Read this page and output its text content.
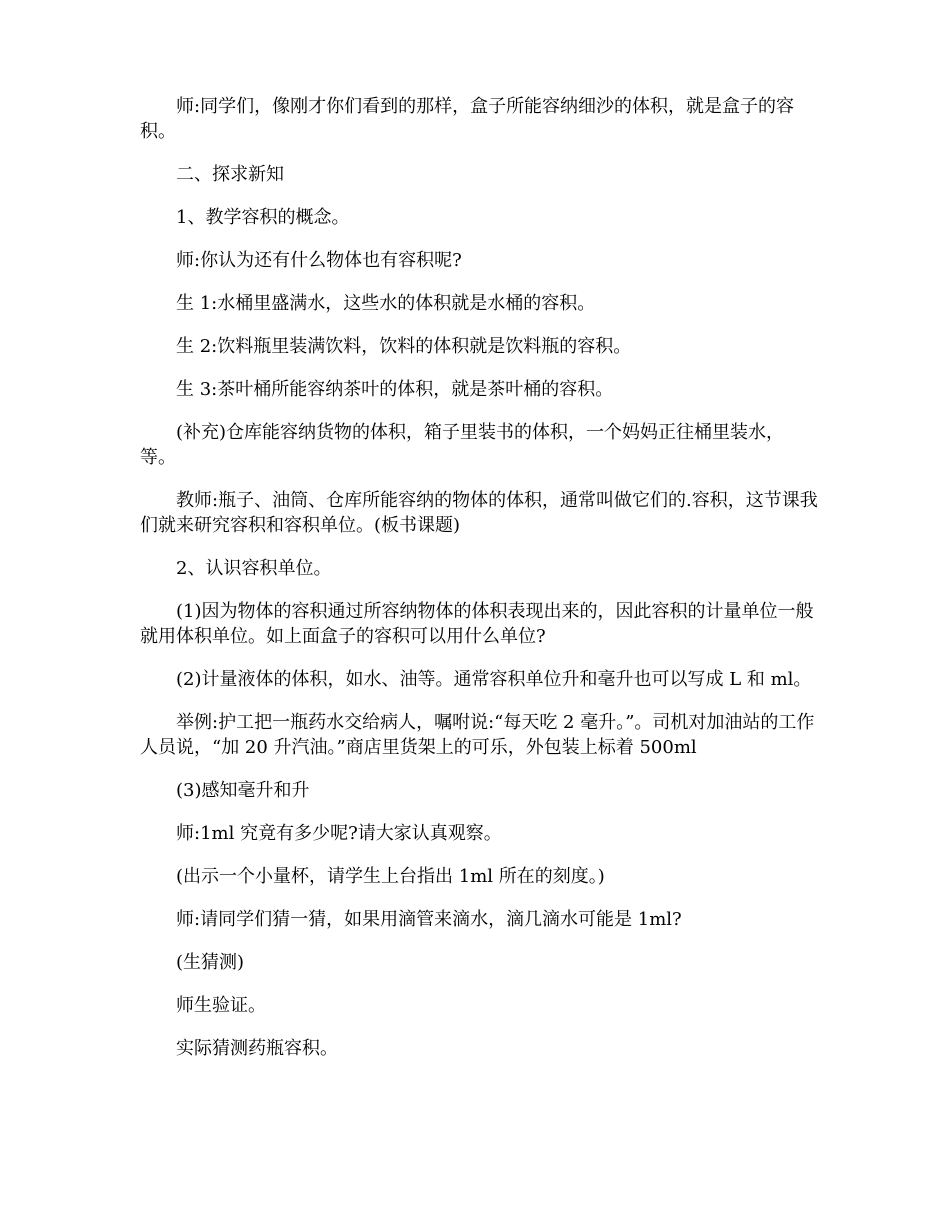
师:同学们，像刚才你们看到的那样，盒子所能容纳细沙的体积，就是盒子的容积。

二、探求新知

1、教学容积的概念。

师:你认为还有什么物体也有容积呢?

生 1:水桶里盛满水，这些水的体积就是水桶的容积。

生 2:饮料瓶里装满饮料，饮料的体积就是饮料瓶的容积。

生 3:茶叶桶所能容纳茶叶的体积，就是茶叶桶的容积。

(补充)仓库能容纳货物的体积，箱子里装书的体积，一个妈妈正往桶里装水，等。

教师:瓶子、油筒、仓库所能容纳的物体的体积，通常叫做它们的.容积，这节课我们就来研究容积和容积单位。(板书课题)

2、认识容积单位。

(1)因为物体的容积通过所容纳物体的体积表现出来的，因此容积的计量单位一般就用体积单位。如上面盒子的容积可以用什么单位?

(2)计量液体的体积，如水、油等。通常容积单位升和毫升也可以写成 L 和 ml。

举例:护工把一瓶药水交给病人，嘱咐说:“每天吃 2 毫升。”。司机对加油站的工作人员说，“加 20 升汽油。”商店里货架上的可乐，外包装上标着 500ml

(3)感知毫升和升

师:1ml 究竟有多少呢?请大家认真观察。

(出示一个小量杯，请学生上台指出 1ml 所在的刻度。)

师:请同学们猜一猜，如果用滴管来滴水，滴几滴水可能是 1ml?

(生猜测)

师生验证。

实际猜测药瓶容积。
